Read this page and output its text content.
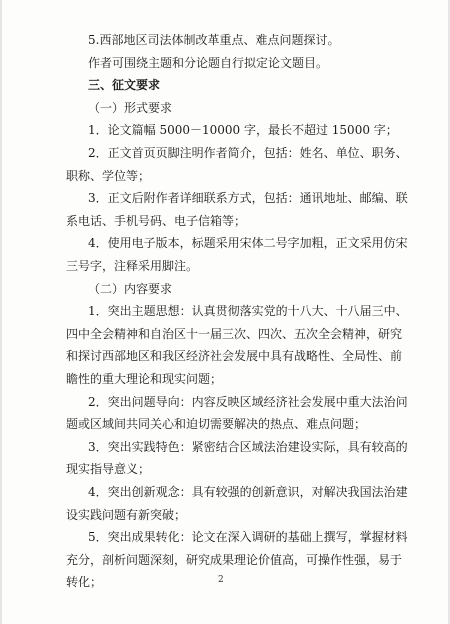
5.西部地区司法体制改革重点、难点问题探讨。

作者可围绕主题和分论题自行拟定论文题目。

三、征文要求

（一）形式要求

1．论文篇幅 5000－10000 字，最长不超过 15000 字；

2．正文首页页脚注明作者简介，包括：姓名、单位、职务、

职称、学位等；

3．正文后附作者详细联系方式，包括：通讯地址、邮编、联

系电话、手机号码、电子信箱等；

4．使用电子版本，标题采用宋体二号字加粗，正文采用仿宋

三号字，注释采用脚注。

（二）内容要求

1．突出主题思想：认真贯彻落实党的十八大、十八届三中、

四中全会精神和自治区十一届三次、四次、五次全会精神，研究

和探讨西部地区和我区经济社会发展中具有战略性、全局性、前

瞻性的重大理论和现实问题；

2．突出问题导向：内容反映区域经济社会发展中重大法治问

题或区域间共同关心和迫切需要解决的热点、难点问题；

3．突出实践特色：紧密结合区域法治建设实际，具有较高的

现实指导意义；

4．突出创新观念：具有较强的创新意识，对解决我国法治建

设实践问题有新突破；

5．突出成果转化：论文在深入调研的基础上撰写，掌握材料

充分，剖析问题深刻，研究成果理论价值高，可操作性强，易于

转化；	2
